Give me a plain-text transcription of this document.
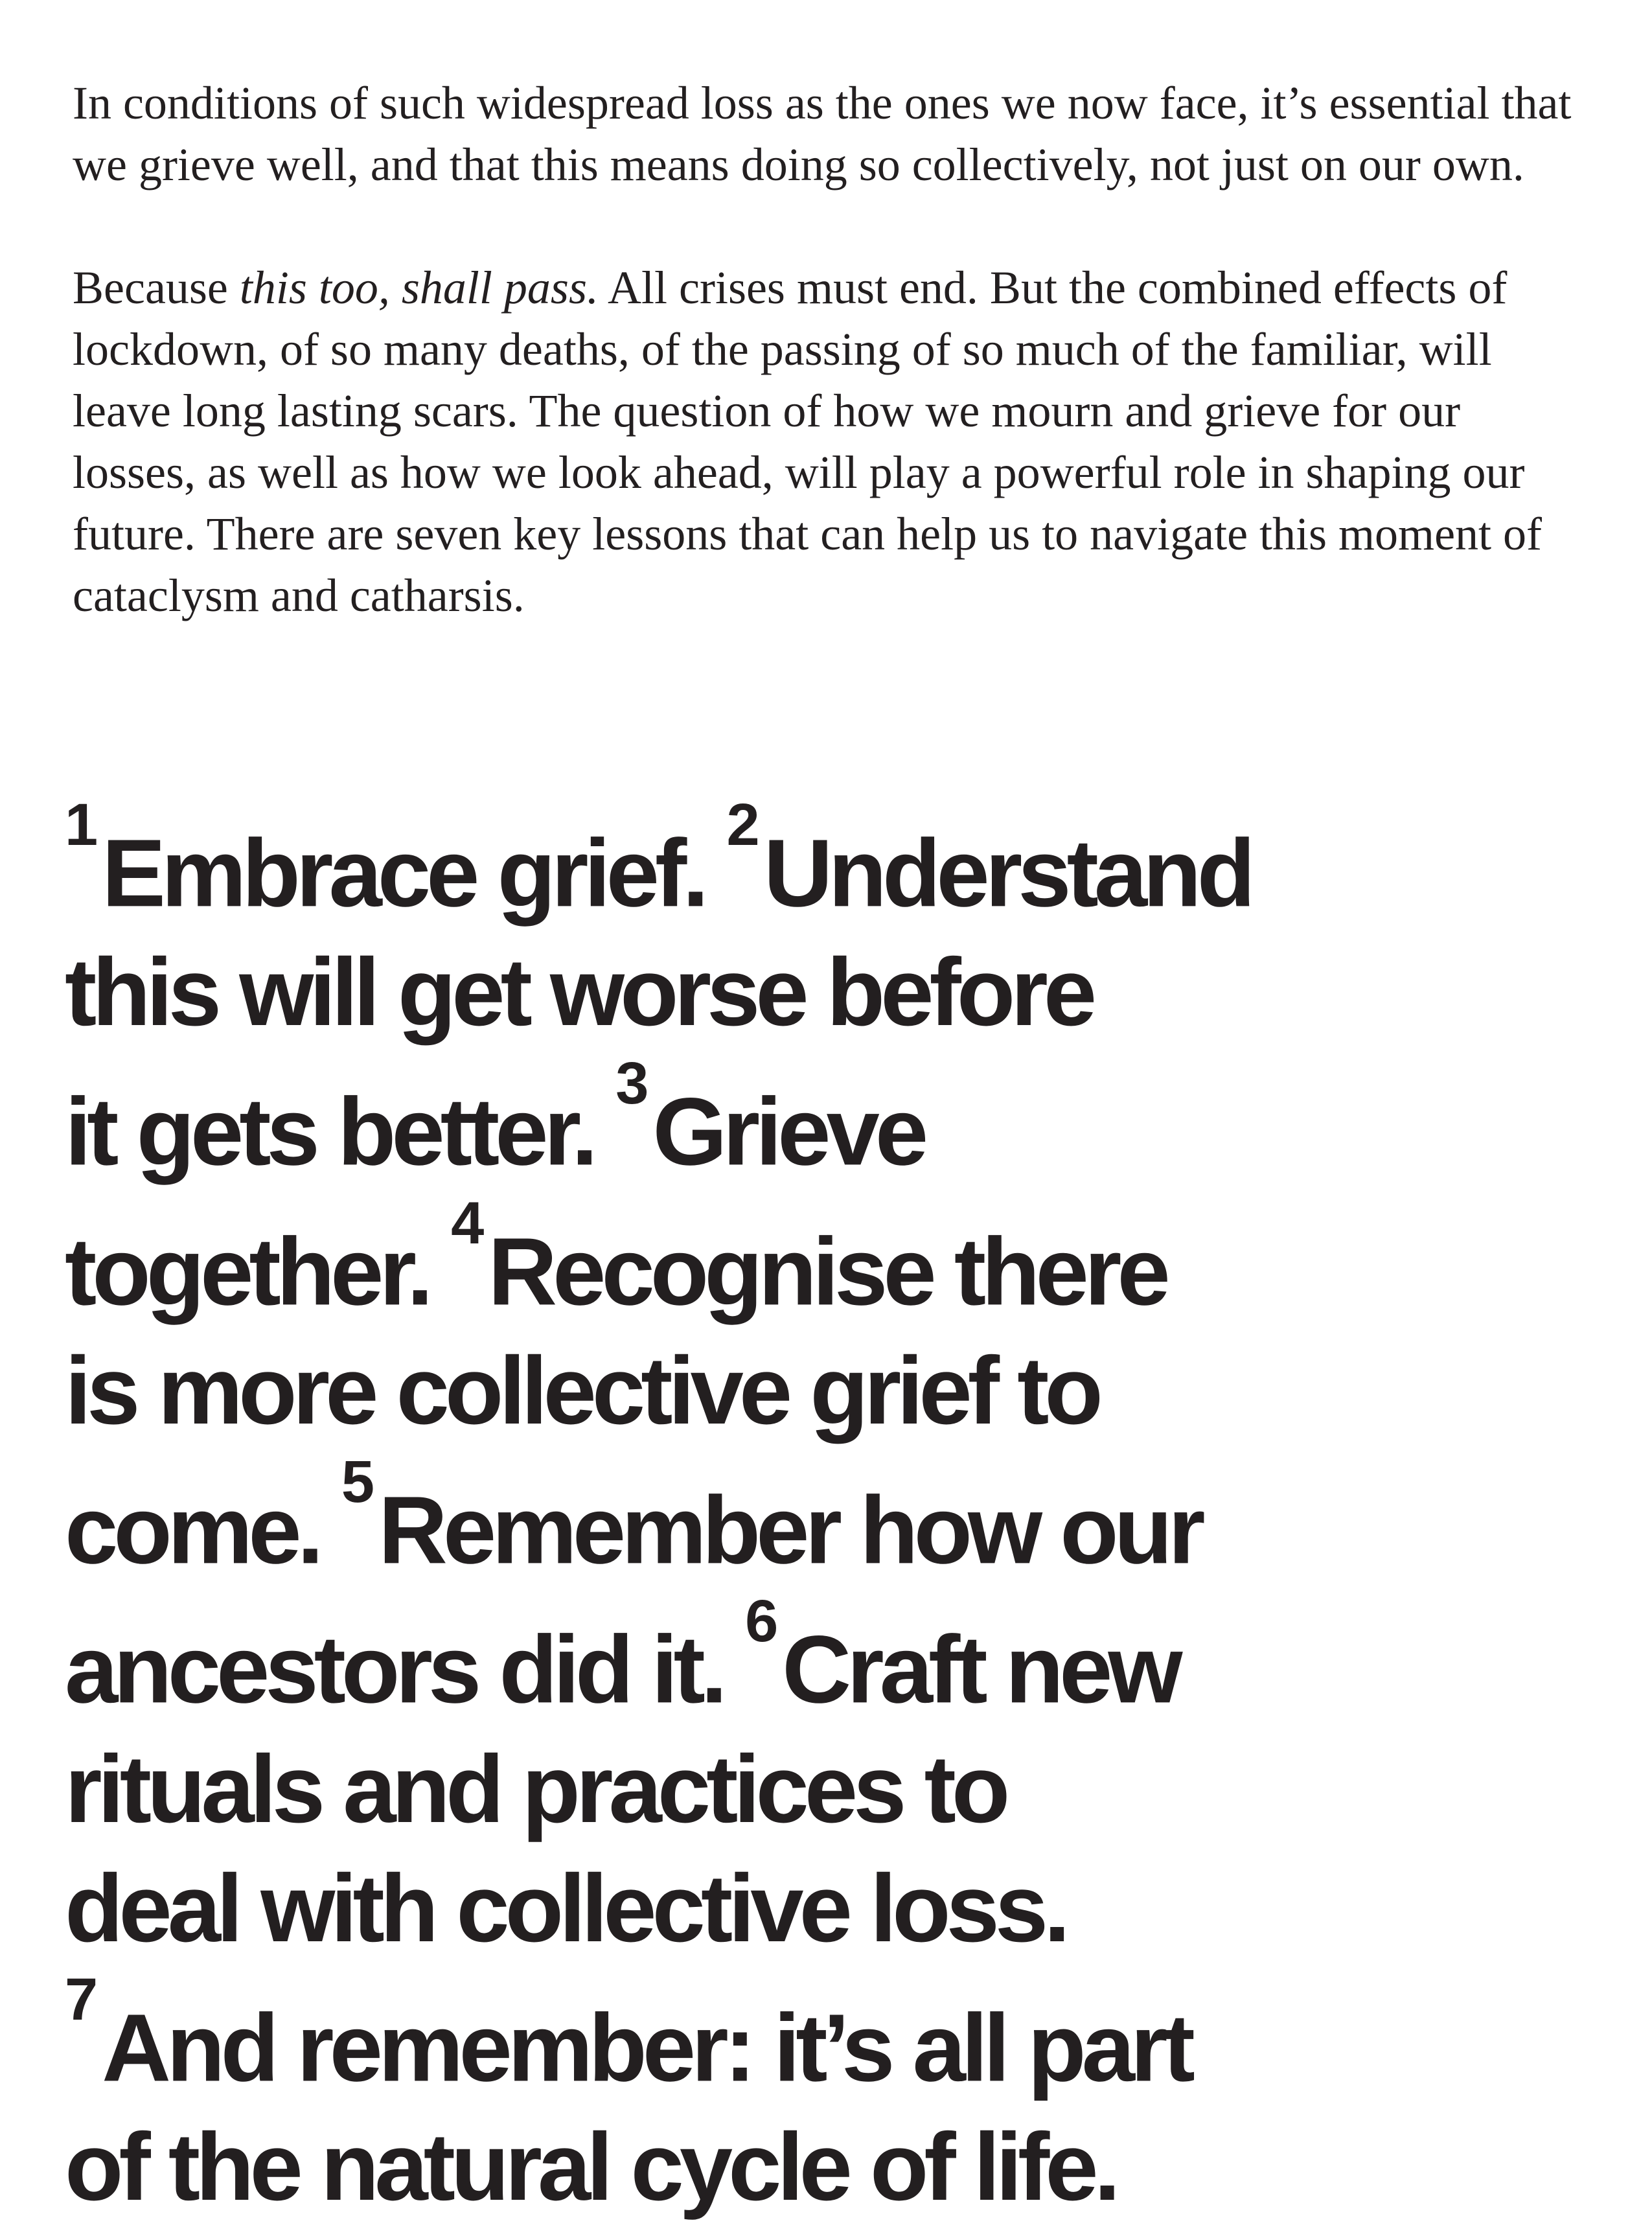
In conditions of such widespread loss as the ones we now face, it’s essential that we grieve well, and that this means doing so collectively, not just on our own.

Because this too, shall pass. All crises must end. But the combined effects of lockdown, of so many deaths, of the passing of so much of the familiar, will leave long lasting scars. The question of how we mourn and grieve for our losses, as well as how we look ahead, will play a powerful role in shaping our future. There are seven key lessons that can help us to navigate this moment of cataclysm and catharsis.

$^1$Embrace grief. $^2$Understand
this will get worse before
it gets better. $^3$Grieve
together. $^4$Recognise there
is more collective grief to
come. $^5$Remember how our
ancestors did it. $^6$Craft new
rituals and practices to
deal with collective loss.
$^7$And remember: it’s all part
of the natural cycle of life.
